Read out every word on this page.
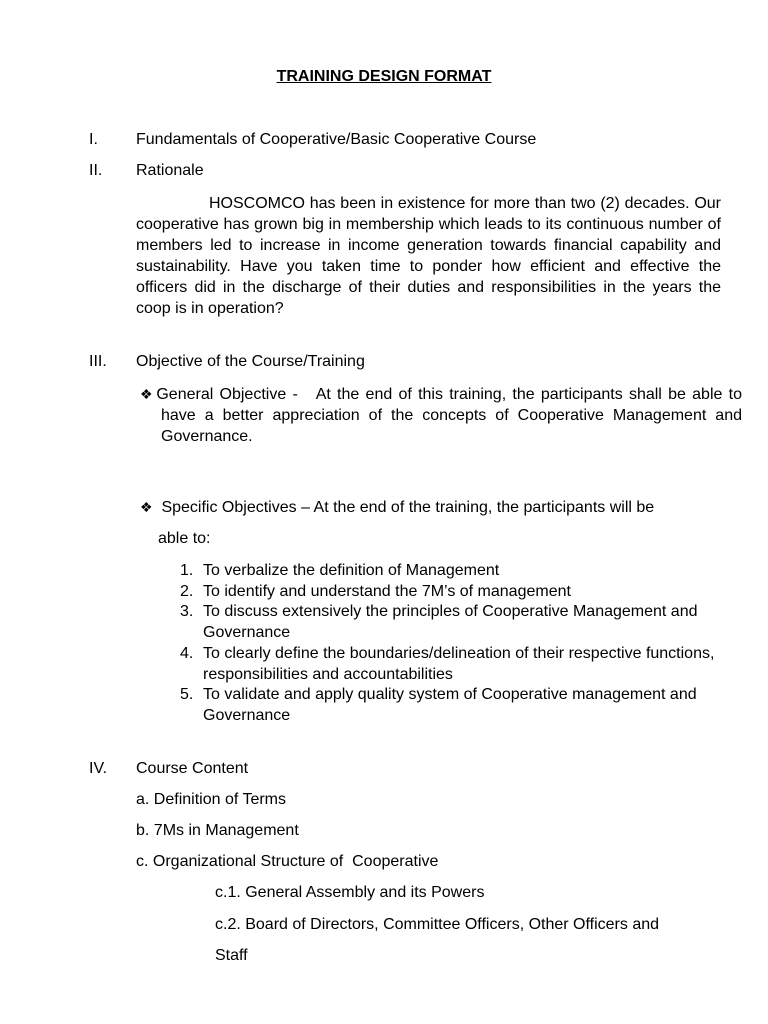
TRAINING DESIGN FORMAT
I. Fundamentals of Cooperative/Basic Cooperative Course
II. Rationale
HOSCOMCO has been in existence for more than two (2) decades. Our cooperative has grown big in membership which leads to its continuous number of members led to increase in income generation towards financial capability and sustainability. Have you taken time to ponder how efficient and effective the officers did in the discharge of their duties and responsibilities in the years the coop is in operation?
III. Objective of the Course/Training
❖ General Objective - At the end of this training, the participants shall be able to have a better appreciation of the concepts of Cooperative Management and Governance.
❖ Specific Objectives – At the end of the training, the participants will be
able to:
1. To verbalize the definition of Management
2. To identify and understand the 7M’s of management
3. To discuss extensively the principles of Cooperative Management and Governance
4. To clearly define the boundaries/delineation of their respective functions, responsibilities and accountabilities
5. To validate and apply quality system of Cooperative management and Governance
IV. Course Content
a. Definition of Terms
b. 7Ms in Management
c. Organizational Structure of  Cooperative
c.1. General Assembly and its Powers
c.2. Board of Directors, Committee Officers, Other Officers and
Staff
